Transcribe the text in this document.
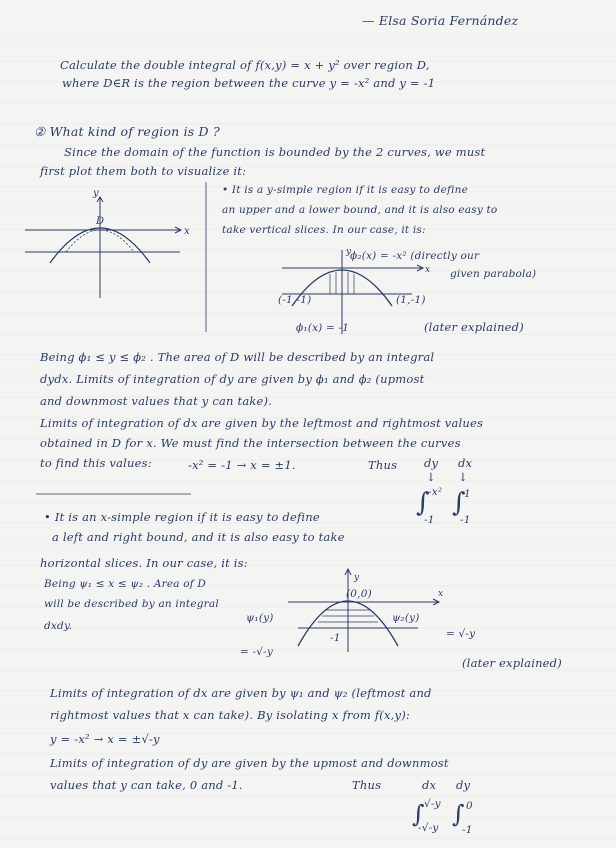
— Elsa Soria Fernández
Calculate the double integral of f(x,y) = x + y² over region D,
where D∈R is the region between the curve y = -x² and y = -1
② What kind of region is D ?
Since the domain of the function is bounded by the 2 curves, we must
first plot them both to visualize it:
y
x
D
• It is a y-simple region if it is easy to define
an upper and a lower bound, and it is also easy to
take vertical slices. In our case, it is:
y
x
ϕ₂(x) = -x² (directly our
given parabola)
(-1,-1)	(1,-1)
ϕ₁(x) = -1	(later explained)
Being ϕ₁ ≤ y ≤ ϕ₂ . The area of D will be described by an integral
dydx. Limits of integration of dy are given by ϕ₁ and ϕ₂ (upmost
and downmost values that y can take).
Limits of integration of dx are given by the leftmost and rightmost values
obtained in D for x. We must find the intersection between the curves
to find this values:	-x² = -1 → x = ±1.	Thus dy dx
↓ ↓
∫
-x²
-1
∫
1
-1
• It is an x-simple region if it is easy to define
a left and right bound, and it is also easy to take
horizontal slices. In our case, it is:
Being ψ₁ ≤ x ≤ ψ₂ . Area of D
will be described by an integral
dxdy.
y
x
(0,0)
ψ₁(y)	ψ₂(y)
-1
= -√-y
= √-y
(later explained)
Limits of integration of dx are given by ψ₁ and ψ₂ (leftmost and
rightmost values that x can take). By isolating x from f(x,y):
y = -x² → x = ±√-y
Limits of integration of dy are given by the upmost and downmost
values that y can take, 0 and -1.	Thus	dx dy
∫ √-y
-√-y ∫ 0
-1
